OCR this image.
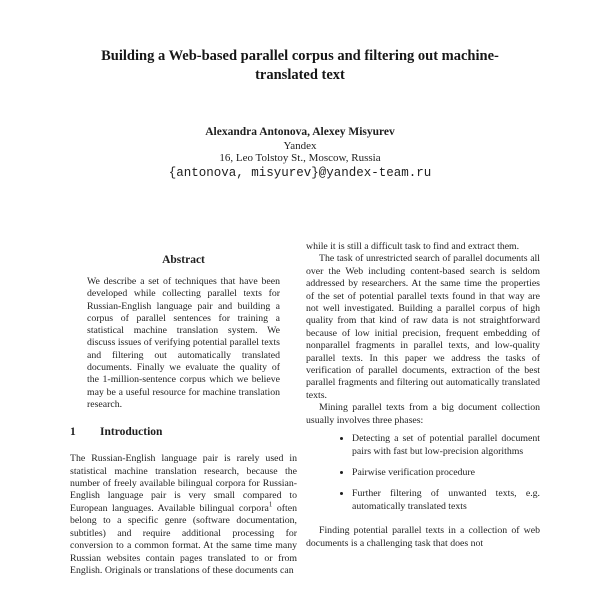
Building a Web-based parallel corpus and filtering out machine-
translated text
Alexandra Antonova, Alexey Misyurev
Yandex
16, Leo Tolstoy St., Moscow, Russia
{antonova, misyurev}@yandex-team.ru
Abstract

We describe a set of techniques that have been developed while collecting parallel texts for Russian-English language pair and building a corpus of parallel sentences for training a statistical machine translation system. We discuss issues of verifying potential parallel texts and filtering out automatically translated documents. Finally we evaluate the quality of the 1-million-sentence corpus which we believe may be a useful resource for machine translation research.

1 Introduction

The Russian-English language pair is rarely used in statistical machine translation research, because the number of freely available bilingual corpora for Russian-English language pair is very small compared to European languages. Available bilingual corpora$^1$ often belong to a specific genre (software documentation, subtitles) and require additional processing for conversion to a common format. At the same time many Russian websites contain pages translated to or from English. Originals or translations of these documents can

while it is still a difficult task to find and extract them.

The task of unrestricted search of parallel documents all over the Web including content-based search is seldom addressed by researchers. At the same time the properties of the set of potential parallel texts found in that way are not well investigated. Building a parallel corpus of high quality from that kind of raw data is not straightforward because of low initial precision, frequent embedding of nonparallel fragments in parallel texts, and low-quality parallel texts. In this paper we address the tasks of verification of parallel documents, extraction of the best parallel fragments and filtering out automatically translated texts.

Mining parallel texts from a big document collection usually involves three phases:

• Detecting a set of potential parallel document pairs with fast but low-precision algorithms
• Pairwise verification procedure
• Further filtering of unwanted texts, e.g. automatically translated texts

Finding potential parallel texts in a collection of web documents is a challenging task that does not
